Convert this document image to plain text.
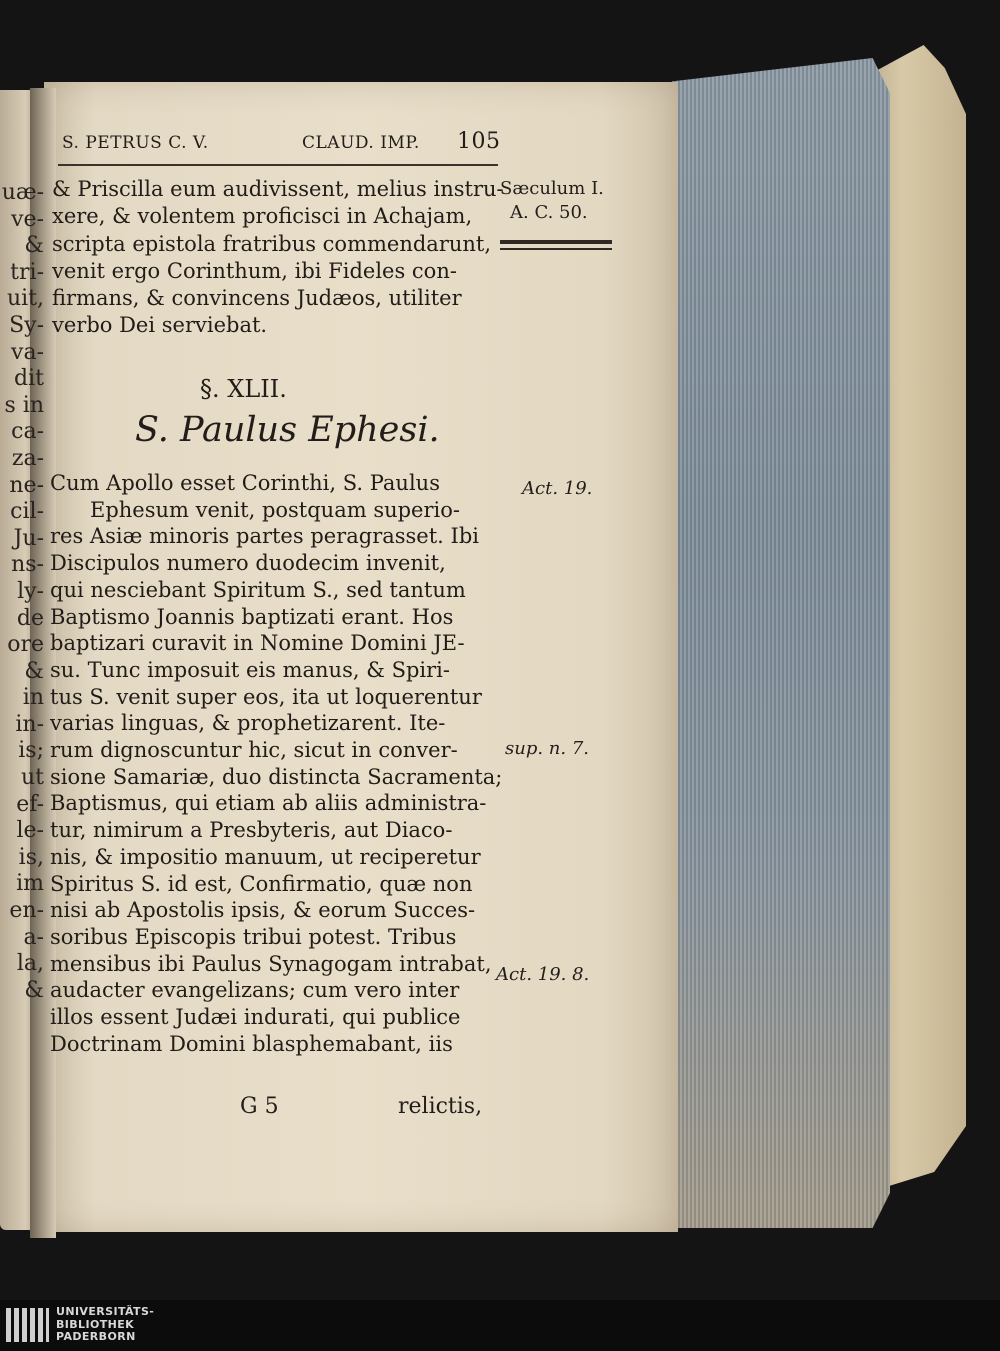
uæ-
ve-
&
tri-
uit,
Sy-
va-
dit
s in
ca-
za-
ne-
cil-
Ju-
ns-
ly-
de
ore
&
in
in-
is;
ut
ef-
le-
is,
im
en-
a-
la,
&
S. PETRUS C. V.	CLAUD. IMP. 105
& Priscilla eum audivissent, melius instru-
xere, & volentem proficisci in Achajam,
scripta epistola fratribus commendarunt,
venit ergo Corinthum, ibi Fideles con-
firmans, & convincens Judæos, utiliter
verbo Dei serviebat.
§. XLII.
S. Paulus Ephesi.
Cum Apollo esset Corinthi, S. Paulus
Ephesum venit, postquam superio-
res Asiæ minoris partes peragrasset. Ibi
Discipulos numero duodecim invenit,
qui nesciebant Spiritum S., sed tantum
Baptismo Joannis baptizati erant. Hos
baptizari curavit in Nomine Domini JE-
su. Tunc imposuit eis manus, & Spiri-
tus S. venit super eos, ita ut loquerentur
varias linguas, & prophetizarent. Ite-
rum dignoscuntur hic, sicut in conver-
sione Samariæ, duo distincta Sacramenta;
Baptismus, qui etiam ab aliis administra-
tur, nimirum a Presbyteris, aut Diaco-
nis, & impositio manuum, ut reciperetur
Spiritus S. id est, Confirmatio, quæ non
nisi ab Apostolis ipsis, & eorum Succes-
soribus Episcopis tribui potest. Tribus
mensibus ibi Paulus Synagogam intrabat,
audacter evangelizans; cum vero inter
illos essent Judæi indurati, qui publice
Doctrinam Domini blasphemabant, iis
G 5	relictis,
Sæculum I.
A. C. 50.
Act. 19.
sup. n. 7.
Act. 19. 8.
UNIVERSITÄTS-
BIBLIOTHEK
PADERBORN
